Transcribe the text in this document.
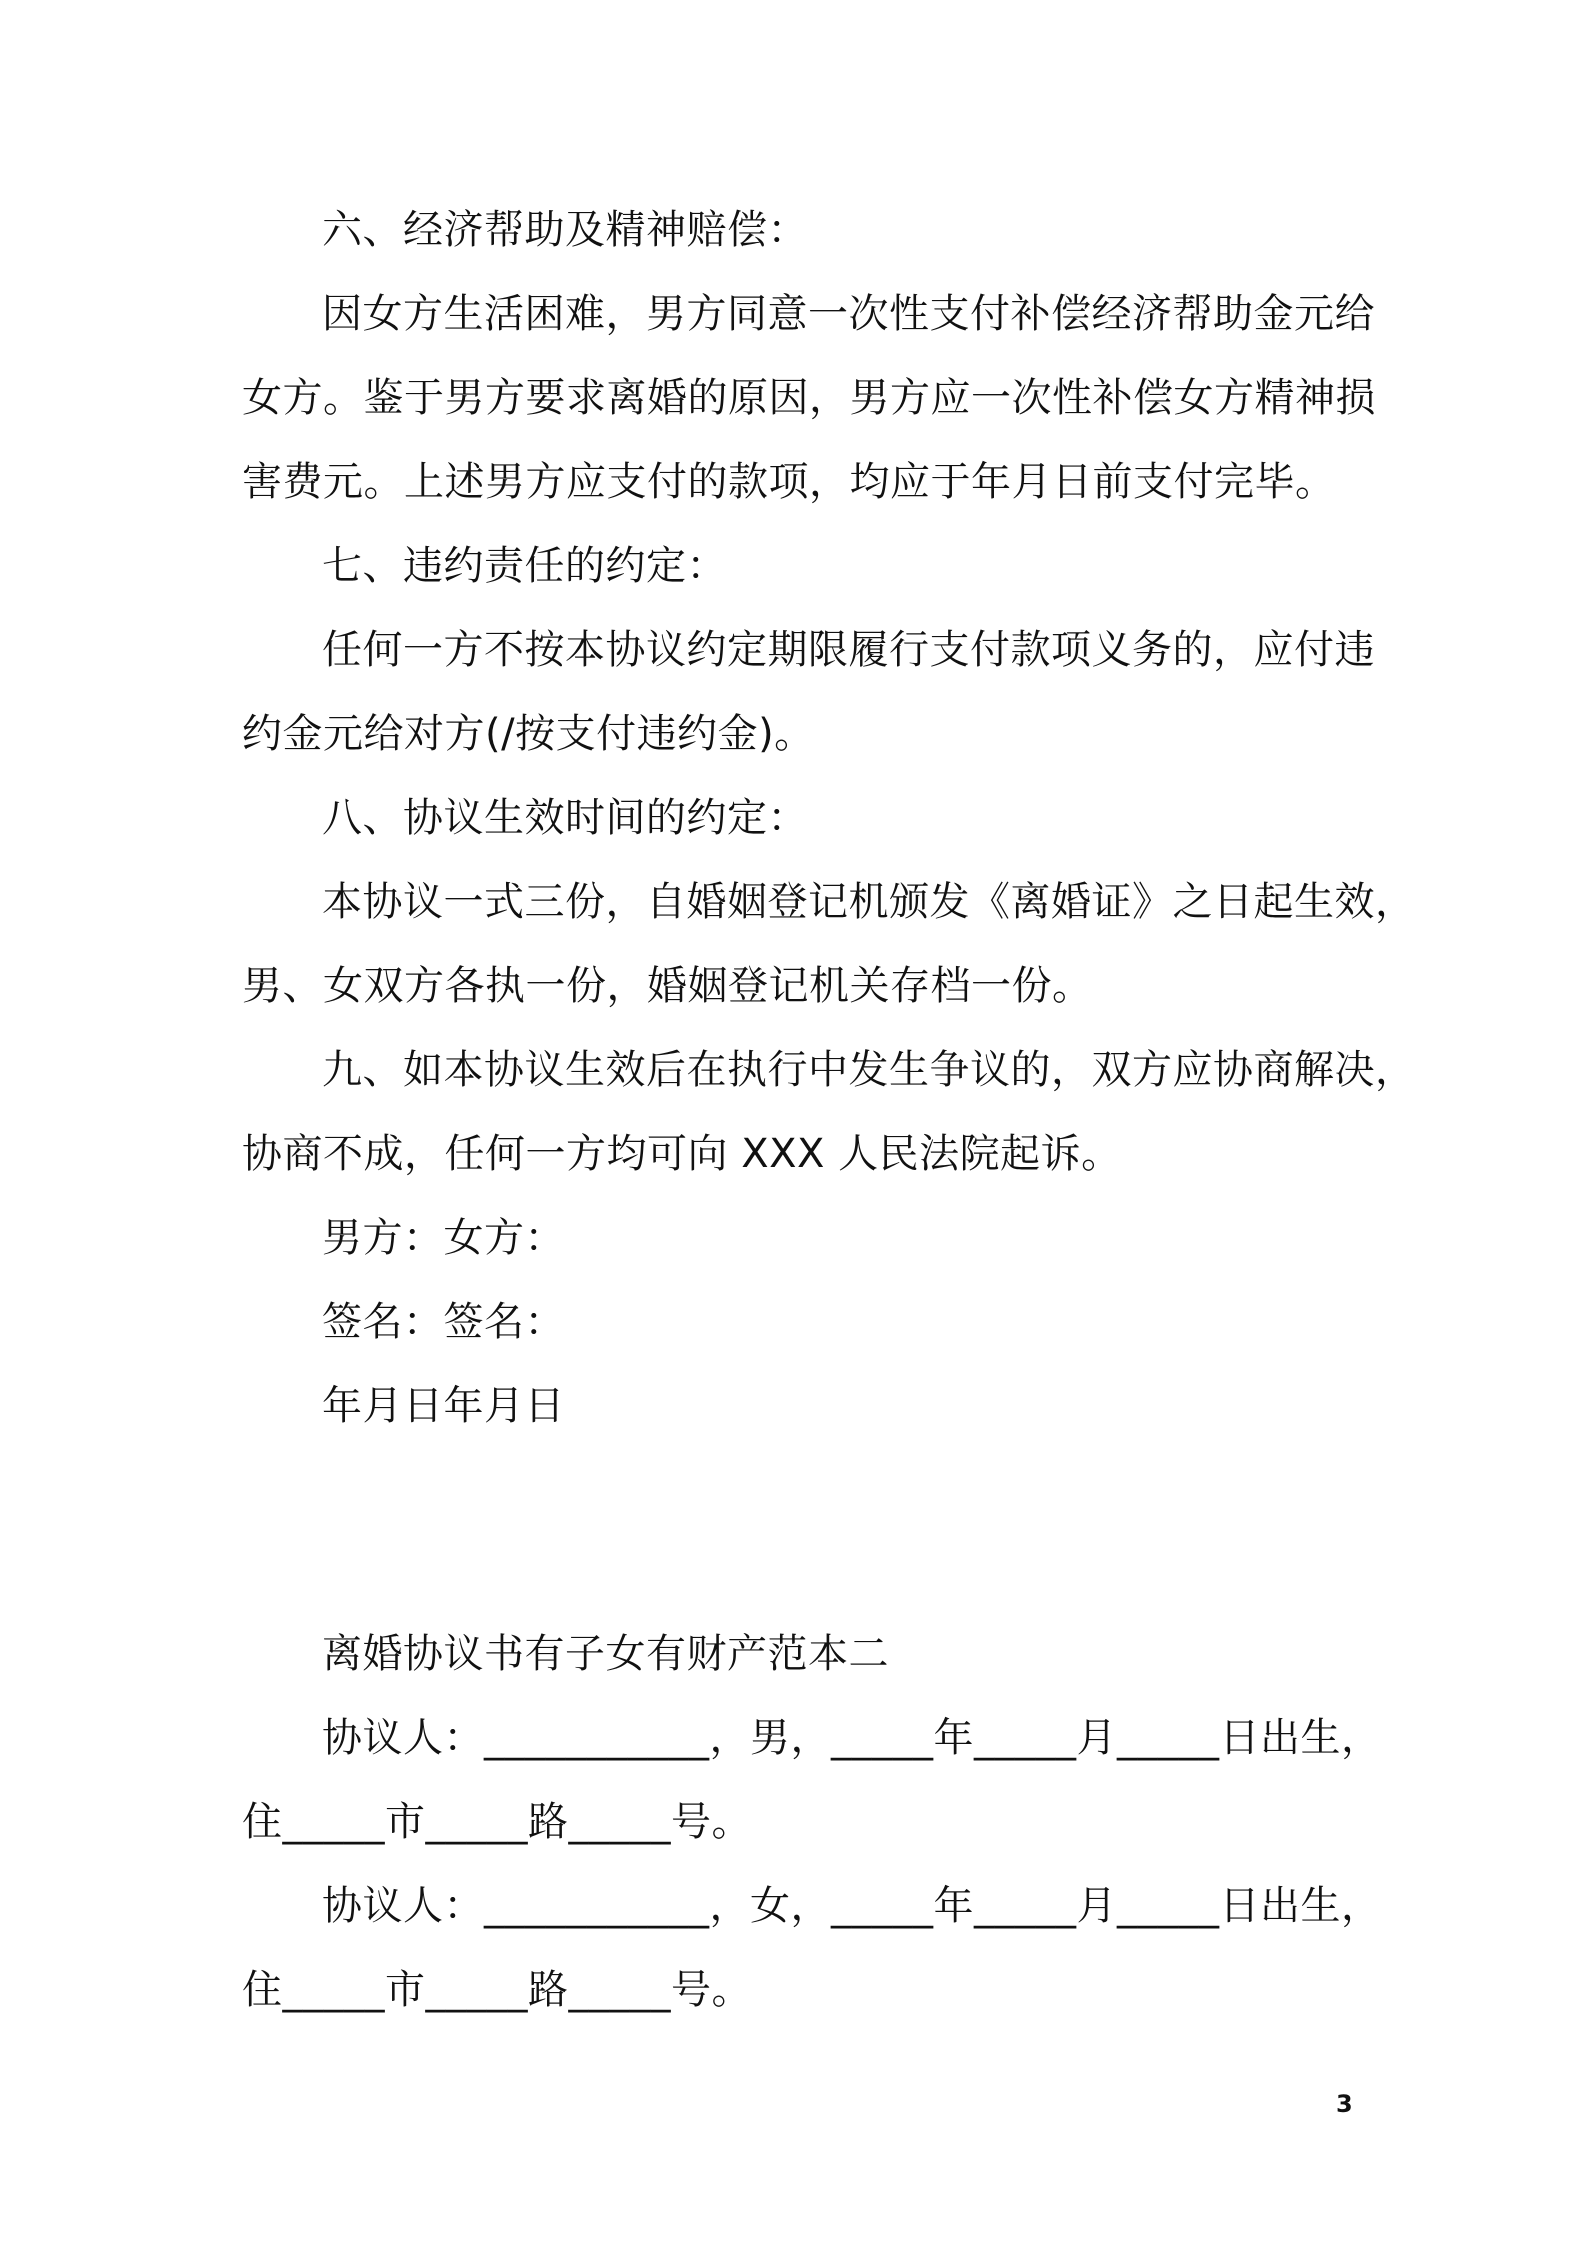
六、经济帮助及精神赔偿：
因女方生活困难，男方同意一次性支付补偿经济帮助金元给
女方。鉴于男方要求离婚的原因，男方应一次性补偿女方精神损
害费元。上述男方应支付的款项，均应于年月日前支付完毕。
七、违约责任的约定：
任何一方不按本协议约定期限履行支付款项义务的，应付违
约金元给对方(/按支付违约金)。
八、协议生效时间的约定：
本协议一式三份，自婚姻登记机颁发《离婚证》之日起生效，
男、女双方各执一份，婚姻登记机关存档一份。
九、如本协议生效后在执行中发生争议的，双方应协商解决，
协商不成，任何一方均可向 XXX 人民法院起诉。
男方：女方：
签名：签名：
年月日年月日
离婚协议书有子女有财产范本二
协议人：___________，男，_____年_____月_____日出生，
住_____市_____路_____号。
协议人：___________，女，_____年_____月_____日出生，
住_____市_____路_____号。
3
